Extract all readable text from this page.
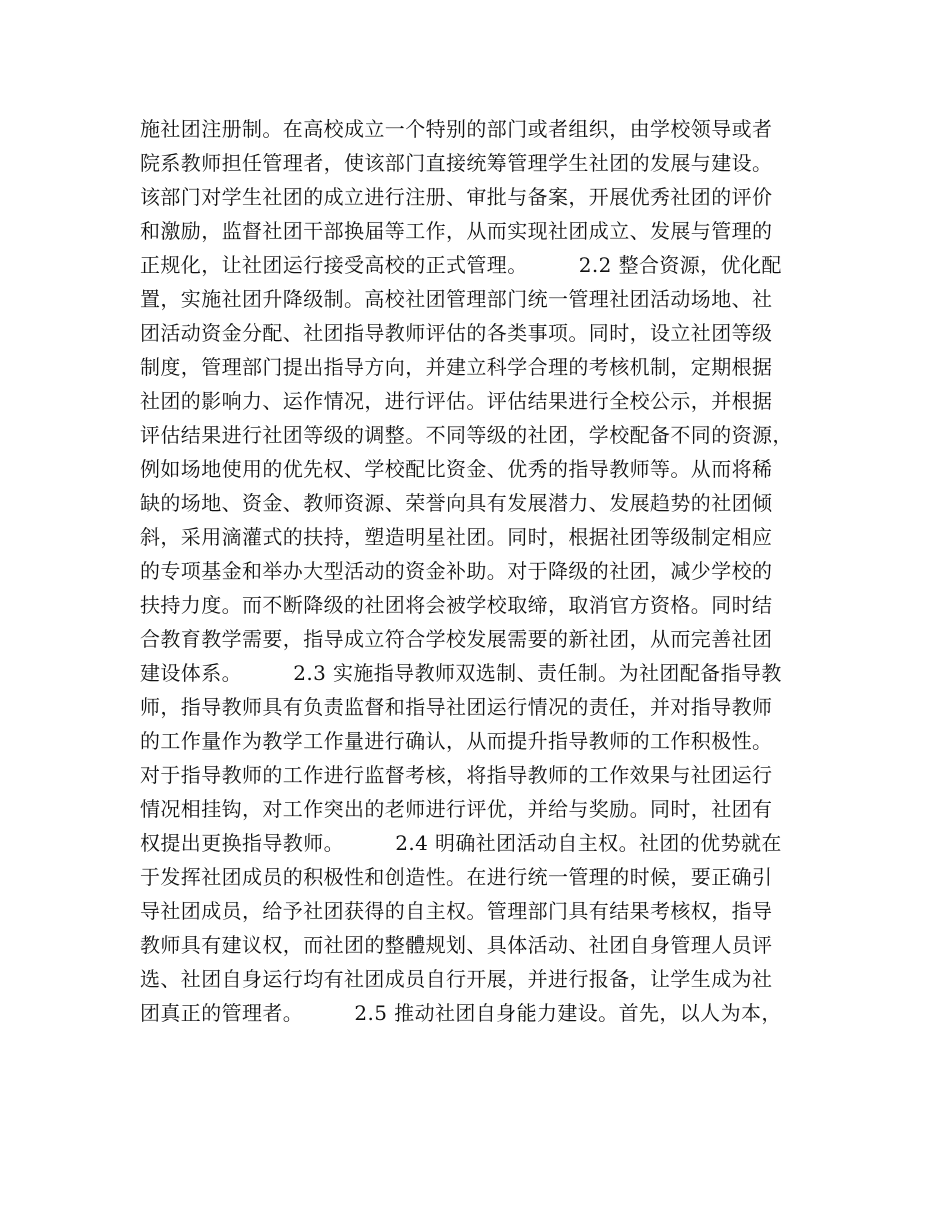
施社团注册制。在高校成立一个特别的部门或者组织，由学校领导或者
院系教师担任管理者，使该部门直接统筹管理学生社团的发展与建设。
该部门对学生社团的成立进行注册、审批与备案，开展优秀社团的评价
和激励，监督社团干部换届等工作，从而实现社团成立、发展与管理的
正规化，让社团运行接受高校的正式管理。　　　2.2 整合资源，优化配
置，实施社团升降级制。高校社团管理部门统一管理社团活动场地、社
团活动资金分配、社团指导教师评估的各类事项。同时，设立社团等级
制度，管理部门提出指导方向，并建立科学合理的考核机制，定期根据
社团的影响力、运作情况，进行评估。评估结果进行全校公示，并根据
评估结果进行社团等级的调整。不同等级的社团，学校配备不同的资源，
例如场地使用的优先权、学校配比资金、优秀的指导教师等。从而将稀
缺的场地、资金、教师资源、荣誉向具有发展潜力、发展趋势的社团倾
斜，采用滴灌式的扶持，塑造明星社团。同时，根据社团等级制定相应
的专项基金和举办大型活动的资金补助。对于降级的社团，减少学校的
扶持力度。而不断降级的社团将会被学校取缔，取消官方资格。同时结
合教育教学需要，指导成立符合学校发展需要的新社团，从而完善社团
建设体系。　　　2.3 实施指导教师双选制、责任制。为社团配备指导教
师，指导教师具有负责监督和指导社团运行情况的责任，并对指导教师
的工作量作为教学工作量进行确认，从而提升指导教师的工作积极性。
对于指导教师的工作进行监督考核，将指导教师的工作效果与社团运行
情况相挂钩，对工作突出的老师进行评优，并给与奖励。同时，社团有
权提出更换指导教师。　　　2.4 明确社团活动自主权。社团的优势就在
于发挥社团成员的积极性和创造性。在进行统一管理的时候，要正确引
导社团成员，给予社团获得的自主权。管理部门具有结果考核权，指导
教师具有建议权，而社团的整體规划、具体活动、社团自身管理人员评
选、社团自身运行均有社团成员自行开展，并进行报备，让学生成为社
团真正的管理者。　　　2.5 推动社团自身能力建设。首先，以人为本，
